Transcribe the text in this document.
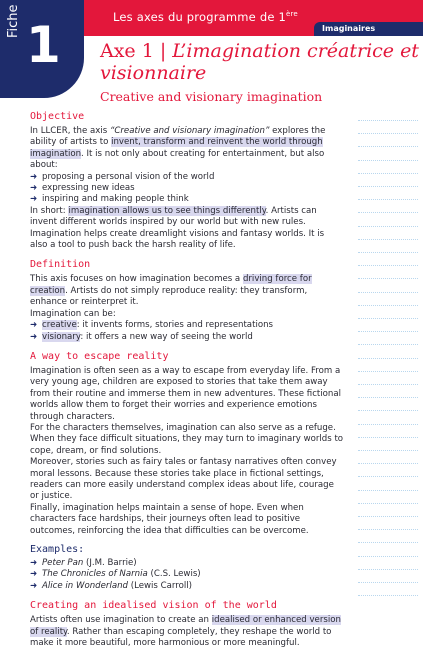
Les axes du programme de 1ère
Imaginaires
Fiche 1 Axe 1 | L’imagination créatrice et visionnaire
Creative and visionary imagination
Objective

In LLCER, the axis “Creative and visionary imagination” explores the ability of artists to invent, transform and reinvent the world through imagination. It is not only about creating for entertainment, but also about:

➜ proposing a personal vision of the world
➜ expressing new ideas
➜ inspiring and making people think

In short: imagination allows us to see things differently. Artists can invent different worlds inspired by our world but with new rules. Imagination helps create dreamlight visions and fantasy worlds. It is also a tool to push back the harsh reality of life.

Definition

This axis focuses on how imagination becomes a driving force for creation. Artists do not simply reproduce reality: they transform, enhance or reinterpret it.

Imagination can be:

➜ creative: it invents forms, stories and representations
➜ visionary: it offers a new way of seeing the world
A way to escape reality

Imagination is often seen as a way to escape from everyday life. From a very young age, children are exposed to stories that take them away from their routine and immerse them in new adventures. These fictional worlds allow them to forget their worries and experience emotions through characters.

For the characters themselves, imagination can also serve as a refuge. When they face difficult situations, they may turn to imaginary worlds to cope, dream, or find solutions.

Moreover, stories such as fairy tales or fantasy narratives often convey moral lessons. Because these stories take place in fictional settings, readers can more easily understand complex ideas about life, courage or justice.

Finally, imagination helps maintain a sense of hope. Even when characters face hardships, their journeys often lead to positive outcomes, reinforcing the idea that difficulties can be overcome.

Examples:
➜ Peter Pan (J.M. Barrie)
➜ The Chronicles of Narnia (C.S. Lewis)
➜ Alice in Wonderland (Lewis Carroll)
Creating an idealised vision of the world

Artists often use imagination to create an idealised or enhanced version of reality. Rather than escaping completely, they reshape the world to make it more beautiful, more harmonious or more meaningful.
